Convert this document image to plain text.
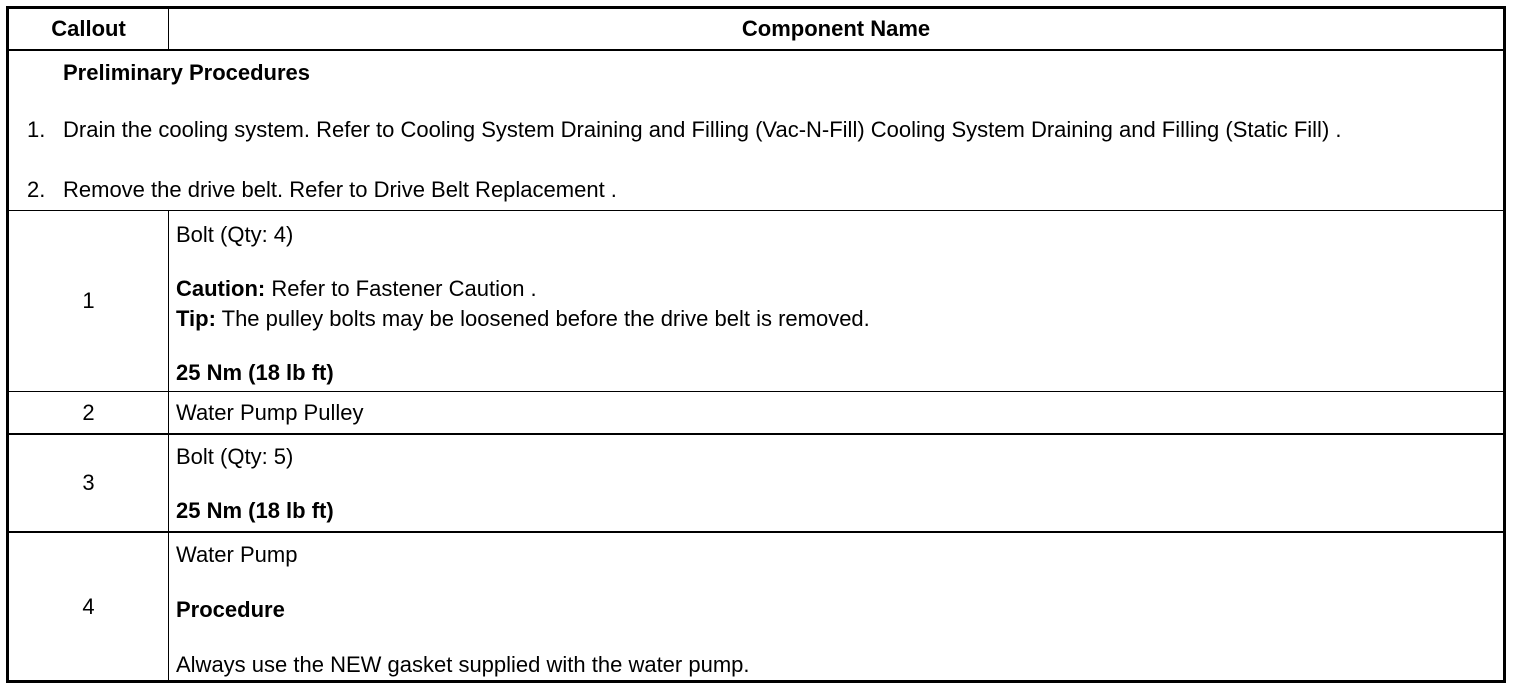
Callout	Component Name
Preliminary Procedures
1. Drain the cooling system. Refer to Cooling System Draining and Filling (Vac-N-Fill) Cooling System Draining and Filling (Static Fill) .
2. Remove the drive belt. Refer to Drive Belt Replacement .
1
Bolt (Qty: 4)
Caution: Refer to Fastener Caution .
Tip: The pulley bolts may be loosened before the drive belt is removed.
25 Nm (18 lb ft)
2	Water Pump Pulley
3
Bolt (Qty: 5)
25 Nm (18 lb ft)
4
Water Pump
Procedure
Always use the NEW gasket supplied with the water pump.
